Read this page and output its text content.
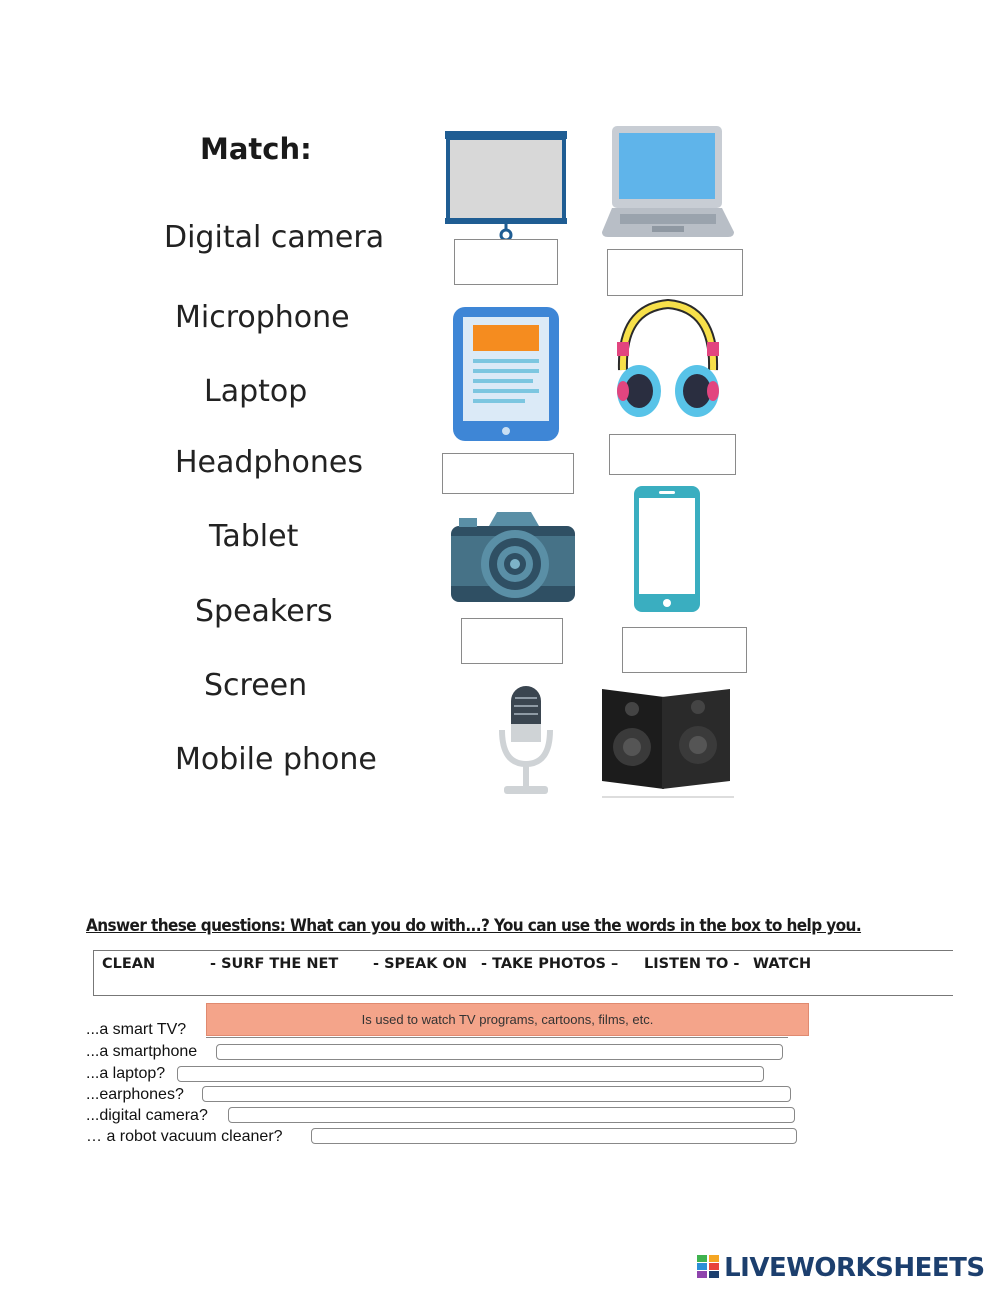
Match:
Digital camera
Microphone
Laptop
Headphones
Tablet
Speakers
Screen
Mobile phone
Answer these questions: What can you do with...? You can use the words in the box to help you.
CLEAN	- SURF THE NET - SPEAK ON - TAKE PHOTOS – LISTEN TO - WATCH
...a smart TV?
Is used to watch TV programs, cartoons, films, etc.
...a smartphone
...a laptop?
...earphones?
...digital camera?
… a robot vacuum cleaner?
LIVEWORKSHEETS
